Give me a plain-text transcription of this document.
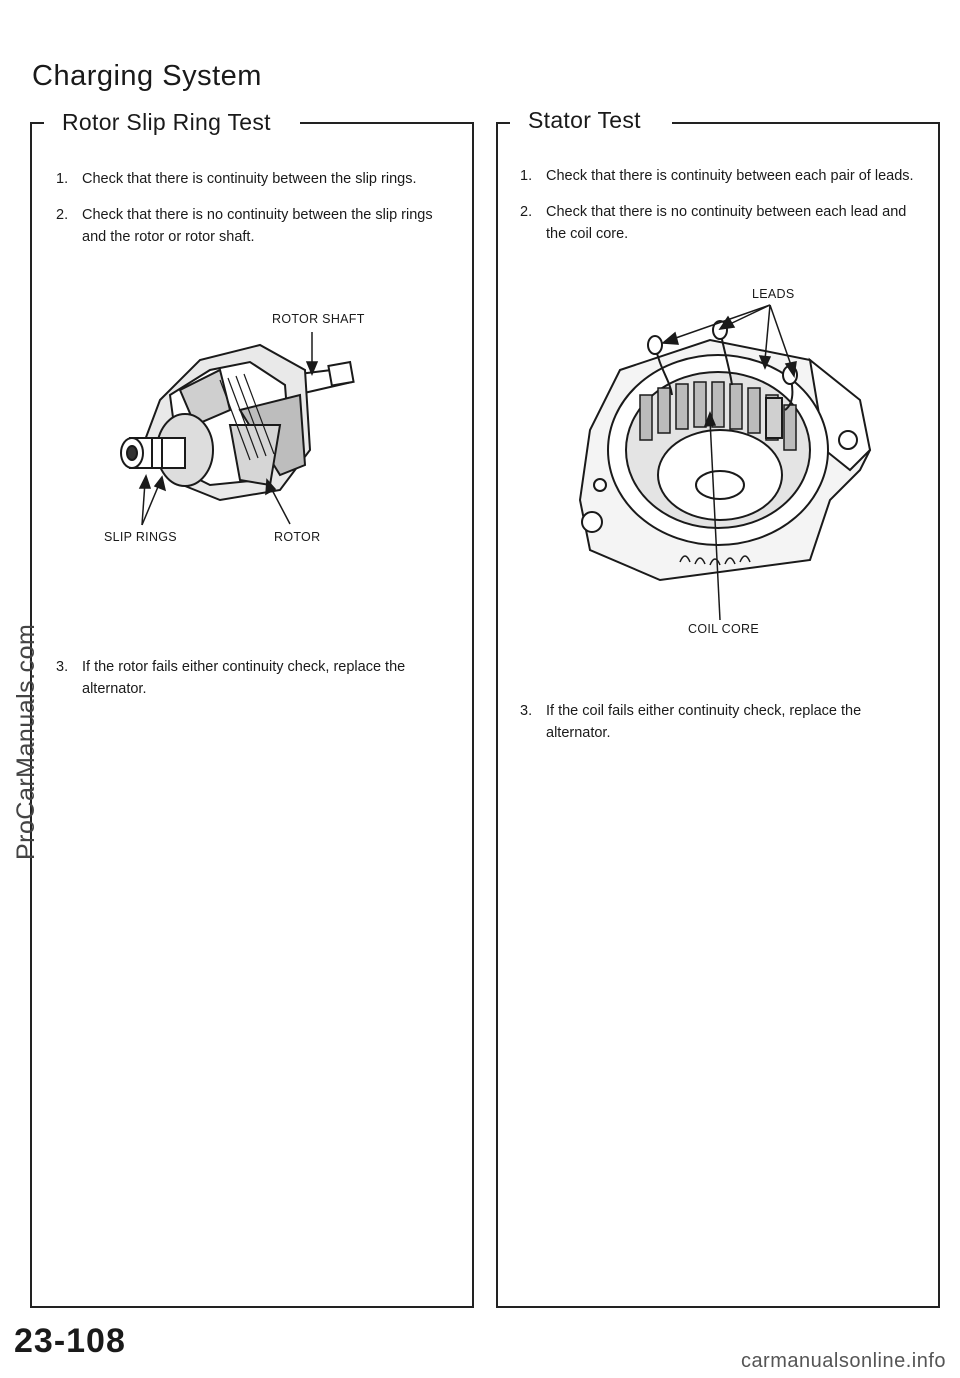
Charging System
Rotor Slip Ring Test
1. Check that there is continuity between the slip rings.
2. Check that there is no continuity between the slip rings and the rotor or rotor shaft.
ROTOR SHAFT
SLIP RINGS	ROTOR
3. If the rotor fails either continuity check, replace the alternator.
Stator Test
1. Check that there is continuity between each pair of leads.
2. Check that there is no continuity between each lead and the coil core.
LEADS
COIL CORE
3. If the coil fails either continuity check, replace the alternator.
ProCarManuals.com
23-108
carmanualsonline.info
